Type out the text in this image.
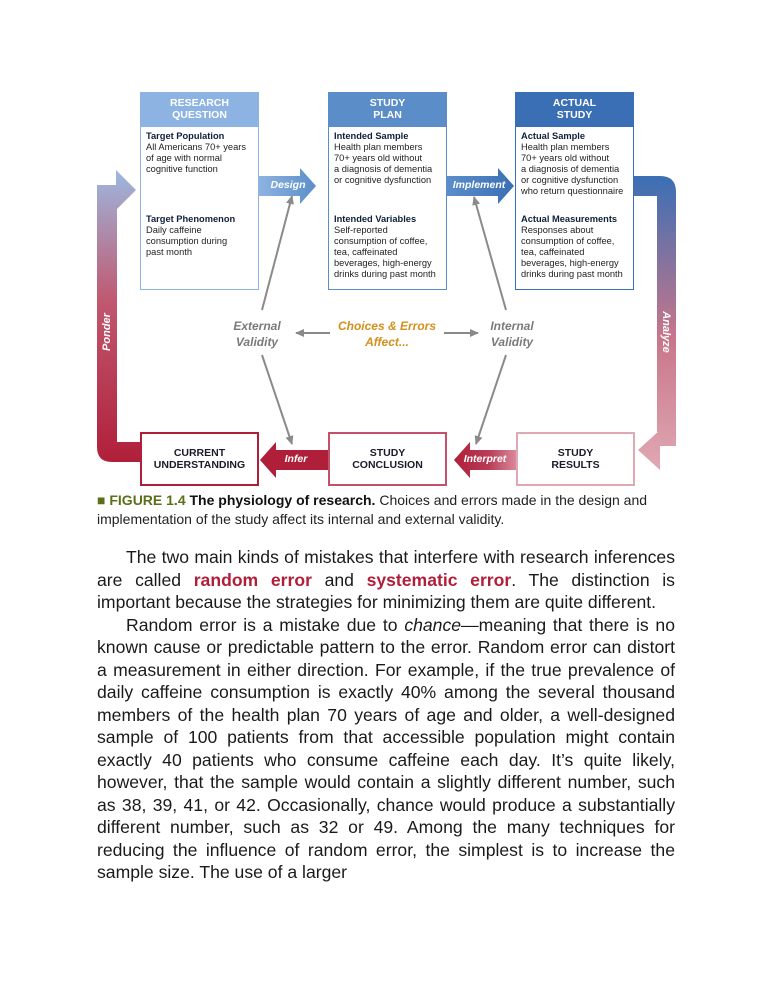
RESEARCH
QUESTION
Target Population
All Americans 70+ years
of age with normal
cognitive function
Target Phenomenon
Daily caffeine
consumption during
past month
STUDY
PLAN
Intended Sample
Health plan members
70+ years old without
a diagnosis of dementia
or cognitive dysfunction
Intended Variables
Self-reported
consumption of coffee,
tea, caffeinated
beverages, high-energy
drinks during past month
ACTUAL
STUDY
Actual Sample
Health plan members
70+ years old without
a diagnosis of dementia
or cognitive dysfunction
who return questionnaire
Actual Measurements
Responses about
consumption of coffee,
tea, caffeinated
beverages, high-energy
drinks during past month
Design	Implement
Interpret
Infer
Ponder	Analyze
External
Validity
Choices & Errors
Affect...
Internal
Validity
CURRENT
UNDERSTANDING
STUDY
CONCLUSION
STUDY
RESULTS
■ FIGURE 1.4 The physiology of research. Choices and errors made in the design and implementation of the study affect its internal and external validity.

The two main kinds of mistakes that interfere with research inferences are called random error and systematic error. The distinction is important because the strategies for minimizing them are quite different.

Random error is a mistake due to chance—meaning that there is no known cause or predictable pattern to the error. Random error can distort a measurement in either direction. For example, if the true prevalence of daily caffeine consumption is exactly 40% among the several thousand members of the health plan 70 years of age and older, a well-designed sample of 100 patients from that accessible population might contain exactly 40 patients who consume caffeine each day. It’s quite likely, however, that the sample would contain a slightly different number, such as 38, 39, 41, or 42. Occasionally, chance would produce a substantially different number, such as 32 or 49. Among the many techniques for reducing the influence of random error, the simplest is to increase the sample size. The use of a larger
